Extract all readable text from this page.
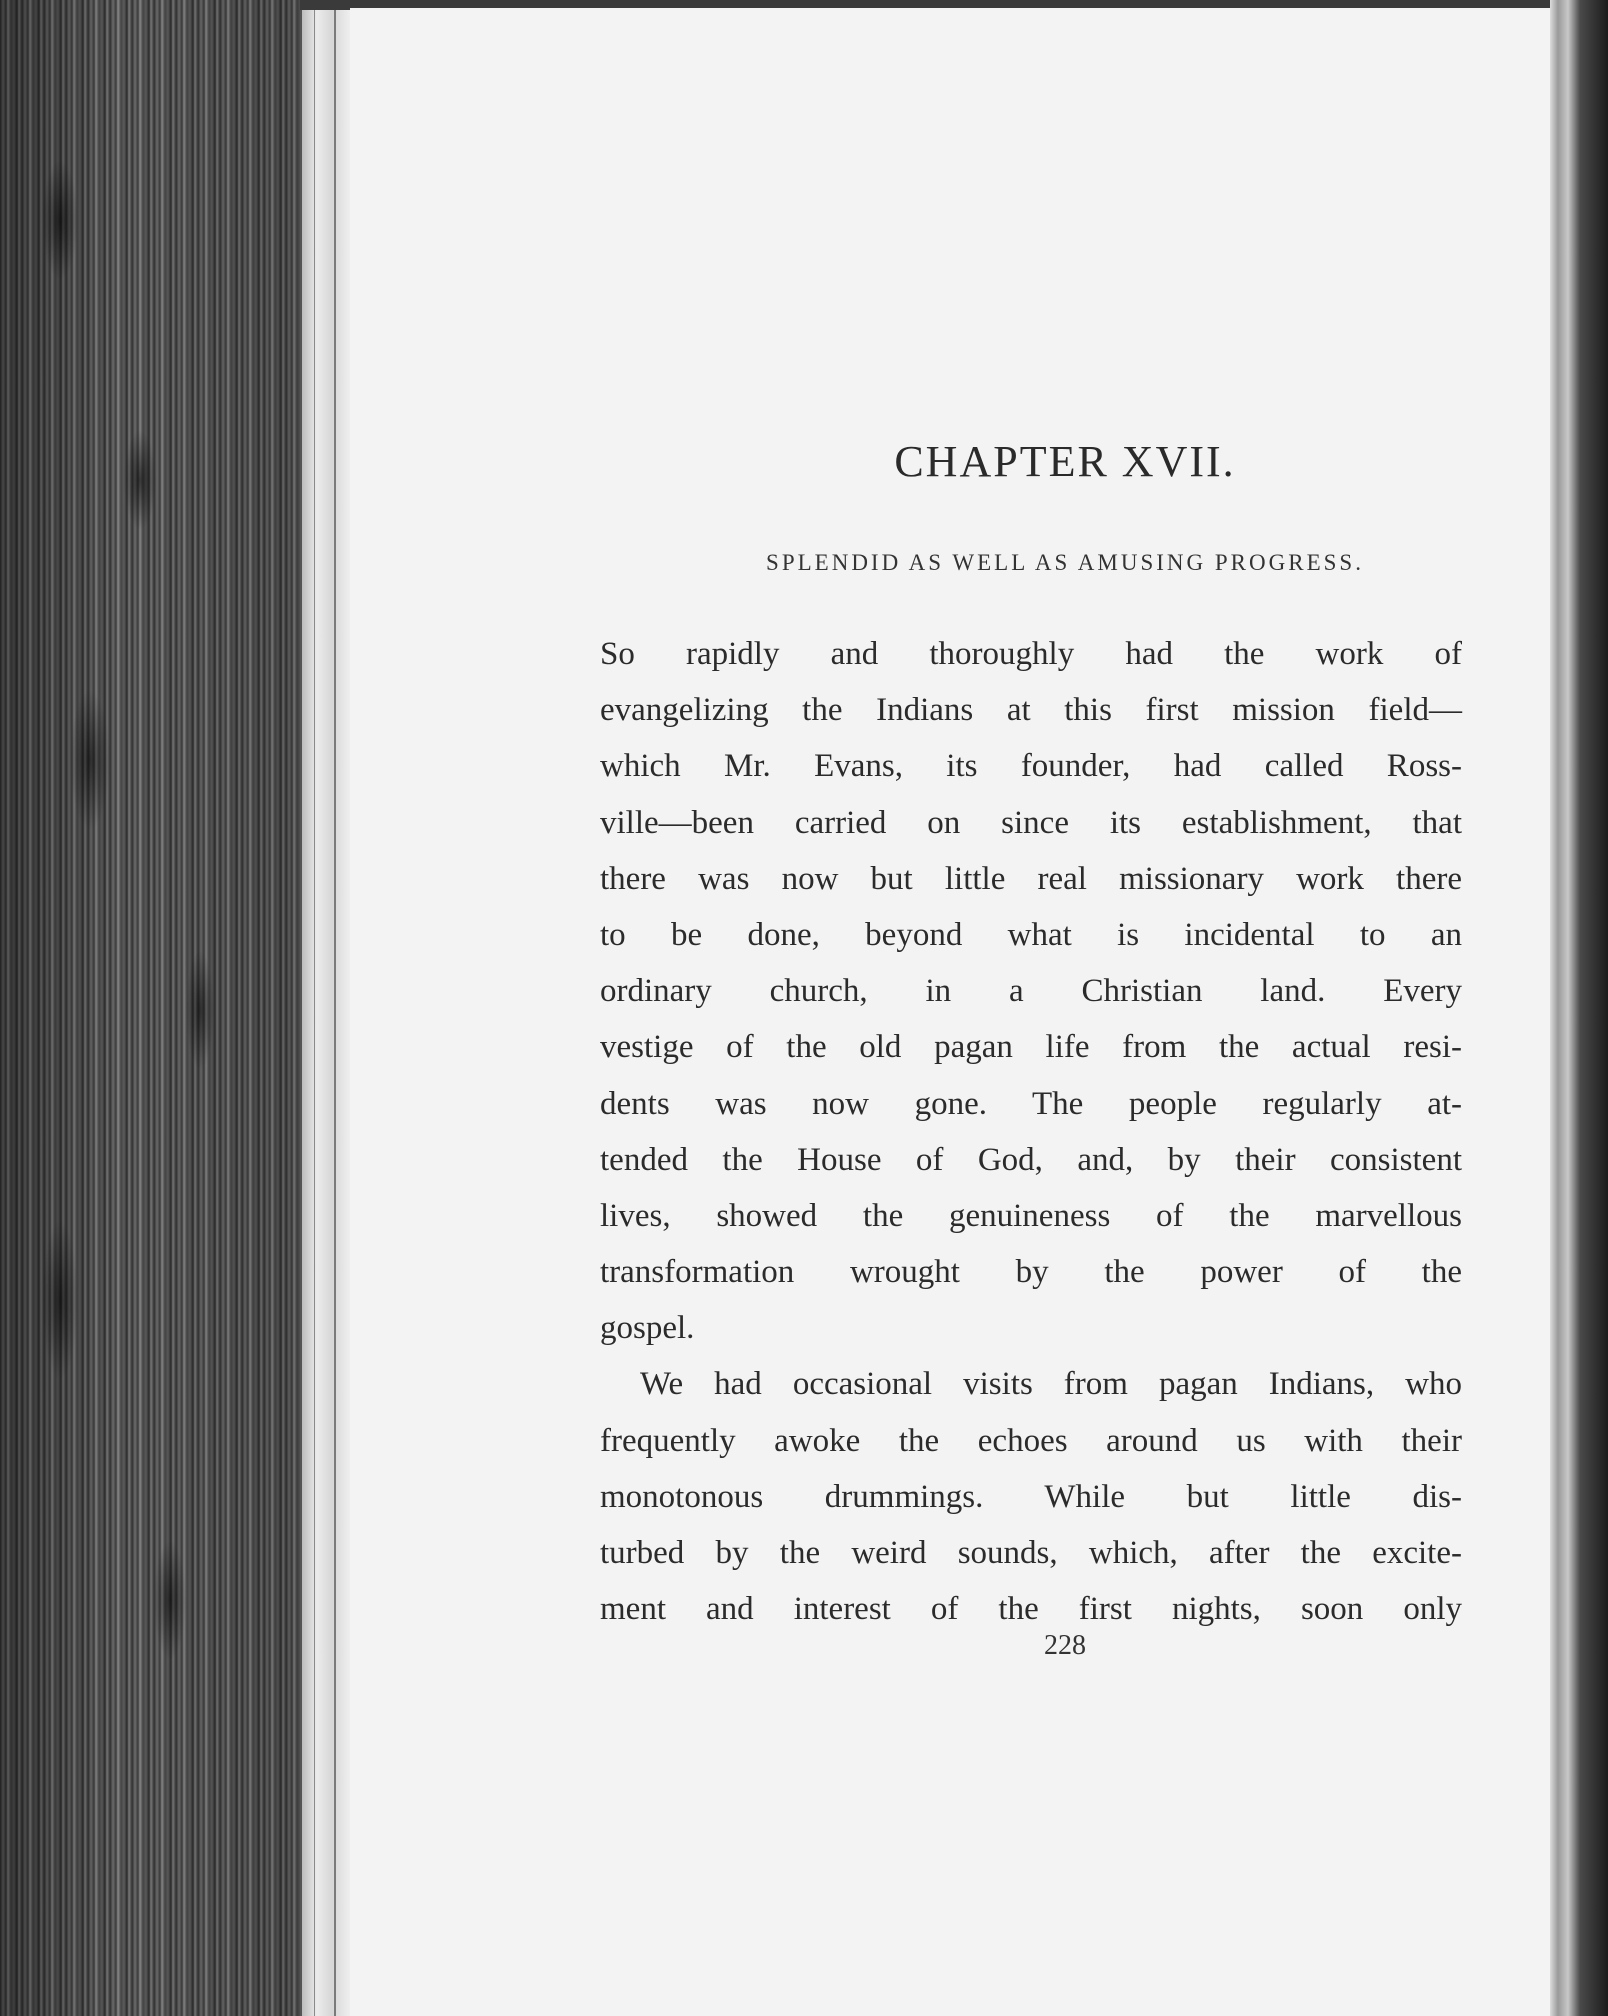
CHAPTER XVII.
SPLENDID AS WELL AS AMUSING PROGRESS.
So rapidly and thoroughly had the work of
evangelizing the Indians at this first mission field—
which Mr. Evans, its founder, had called Ross-
ville—been carried on since its establishment, that
there was now but little real missionary work there
to be done, beyond what is incidental to an
ordinary church, in a Christian land. Every
vestige of the old pagan life from the actual resi-
dents was now gone. The people regularly at-
tended the House of God, and, by their consistent
lives, showed the genuineness of the marvellous
transformation wrought by the power of the
gospel.
We had occasional visits from pagan Indians, who
frequently awoke the echoes around us with their
monotonous drummings. While but little dis-
turbed by the weird sounds, which, after the excite-
ment and interest of the first nights, soon only
228
